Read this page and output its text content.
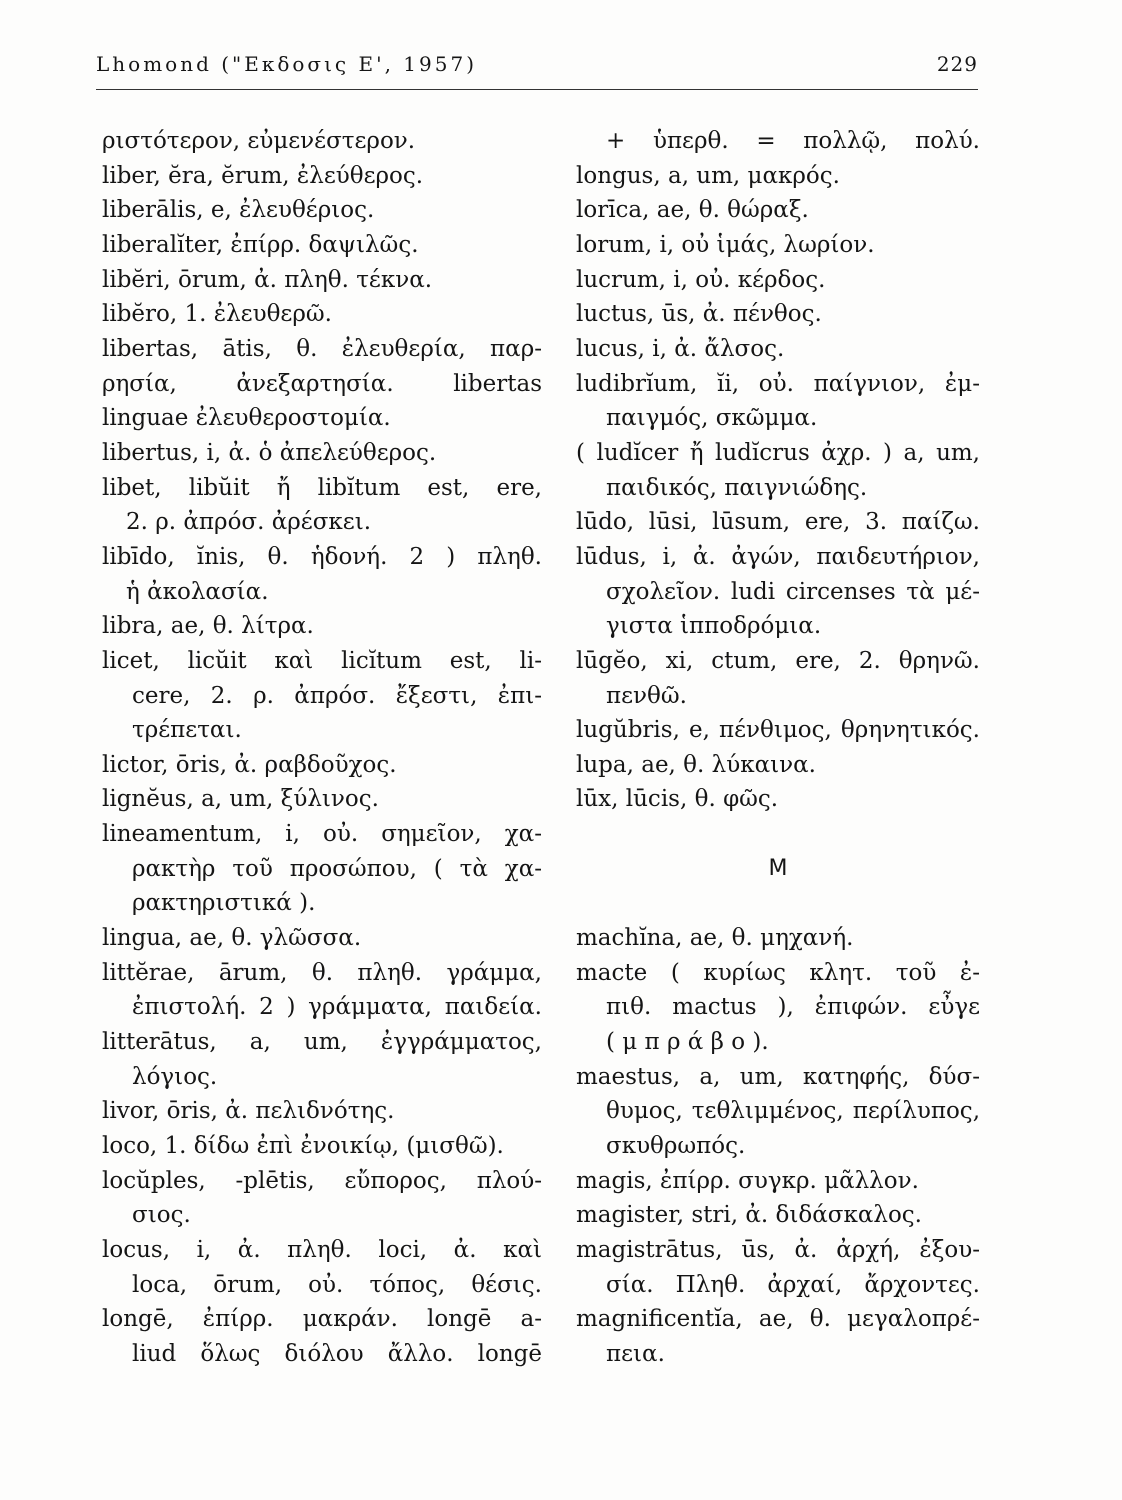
Lhomond ("Εκδοσις Ε', 1957)	229
ριστότερον, εὐμενέστερον.
liber, ĕra, ĕrum, ἐλεύθερος.
liberālis, e, ἐλευθέριος.
liberalĭter, ἐπίρρ. δαψιλῶς.
libĕri, ōrum, ἀ. πληθ. τέκνα.
libĕro, 1. ἐλευθερῶ.
libertas, ātis, θ. ἐλευθερία, παρ-
ρησία, ἀνεξαρτησία. libertas
linguae ἐλευθεροστομία.
libertus, i, ἀ. ὁ ἀπελεύθερος.
libet, libŭit ἤ libĭtum est, ere,
2. ρ. ἀπρόσ. ἀρέσκει.
libīdo, ĭnis, θ. ἡδονή. 2 ) πληθ.
ἡ ἀκολασία.
libra, ae, θ. λίτρα.
licet, licŭit καὶ licĭtum est, li-
cere, 2. ρ. ἀπρόσ. ἔξεστι, ἐπι-
τρέπεται.
lictor, ōris, ἀ. ραβδοῦχος.
lignĕus, a, um, ξύλινος.
lineamentum, i, οὐ. σημεῖον, χα-
ρακτὴρ τοῦ προσώπου, ( τὰ χα-
ρακτηριστικά ).
lingua, ae, θ. γλῶσσα.
littĕrae, ārum, θ. πληθ. γράμμα,
ἐπιστολή. 2 ) γράμματα, παιδεία.
litterātus, a, um, ἐγγράμματος,
λόγιος.
livor, ōris, ἀ. πελιδνότης.
loco, 1. δίδω ἐπὶ ἐνοικίῳ, (μισθῶ).
locŭples, -plētis, εὔπορος, πλού-
σιος.
locus, i, ἀ. πληθ. loci, ἀ. καὶ
loca, ōrum, οὐ. τόπος, θέσις.
longē, ἐπίρρ. μακράν. longē a-
liud ὅλως διόλου ἄλλο. longē
+ ὑπερθ. = πολλῷ, πολύ.
longus, a, um, μακρός.
lorīca, ae, θ. θώραξ.
lorum, i, οὐ ἱμάς, λωρίον.
lucrum, i, οὐ. κέρδος.
luctus, ūs, ἀ. πένθος.
lucus, i, ἀ. ἄλσος.
ludibrĭum, ĭi, οὐ. παίγνιον, ἐμ-
παιγμός, σκῶμμα.
( ludĭcer ἤ ludĭcrus ἀχρ. ) a, um,
παιδικός, παιγνιώδης.
lūdo, lūsi, lūsum, ere, 3. παίζω.
lūdus, i, ἀ. ἀγών, παιδευτήριον,
σχολεῖον. ludi circenses τὰ μέ-
γιστα ἱπποδρόμια.
lūgĕo, xi, ctum, ere, 2. θρηνῶ.
πενθῶ.
lugŭbris, e, πένθιμος, θρηνητικός.
lupa, ae, θ. λύκαινα.
lūx, lūcis, θ. φῶς.
M
machĭna, ae, θ. μηχανή.
macte ( κυρίως κλητ. τοῦ ἐ-
πιθ. mactus ), ἐπιφών. εὖγε
( μ π ρ ά β ο ).
maestus, a, um, κατηφής, δύσ-
θυμος, τεθλιμμένος, περίλυπος,
σκυθρωπός.
magis, ἐπίρρ. συγκρ. μᾶλλον.
magister, stri, ἀ. διδάσκαλος.
magistrātus, ūs, ἀ. ἀρχή, ἐξου-
σία. Πληθ. ἀρχαί, ἄρχοντες.
magnificentĭa, ae, θ. μεγαλοπρέ-
πεια.
